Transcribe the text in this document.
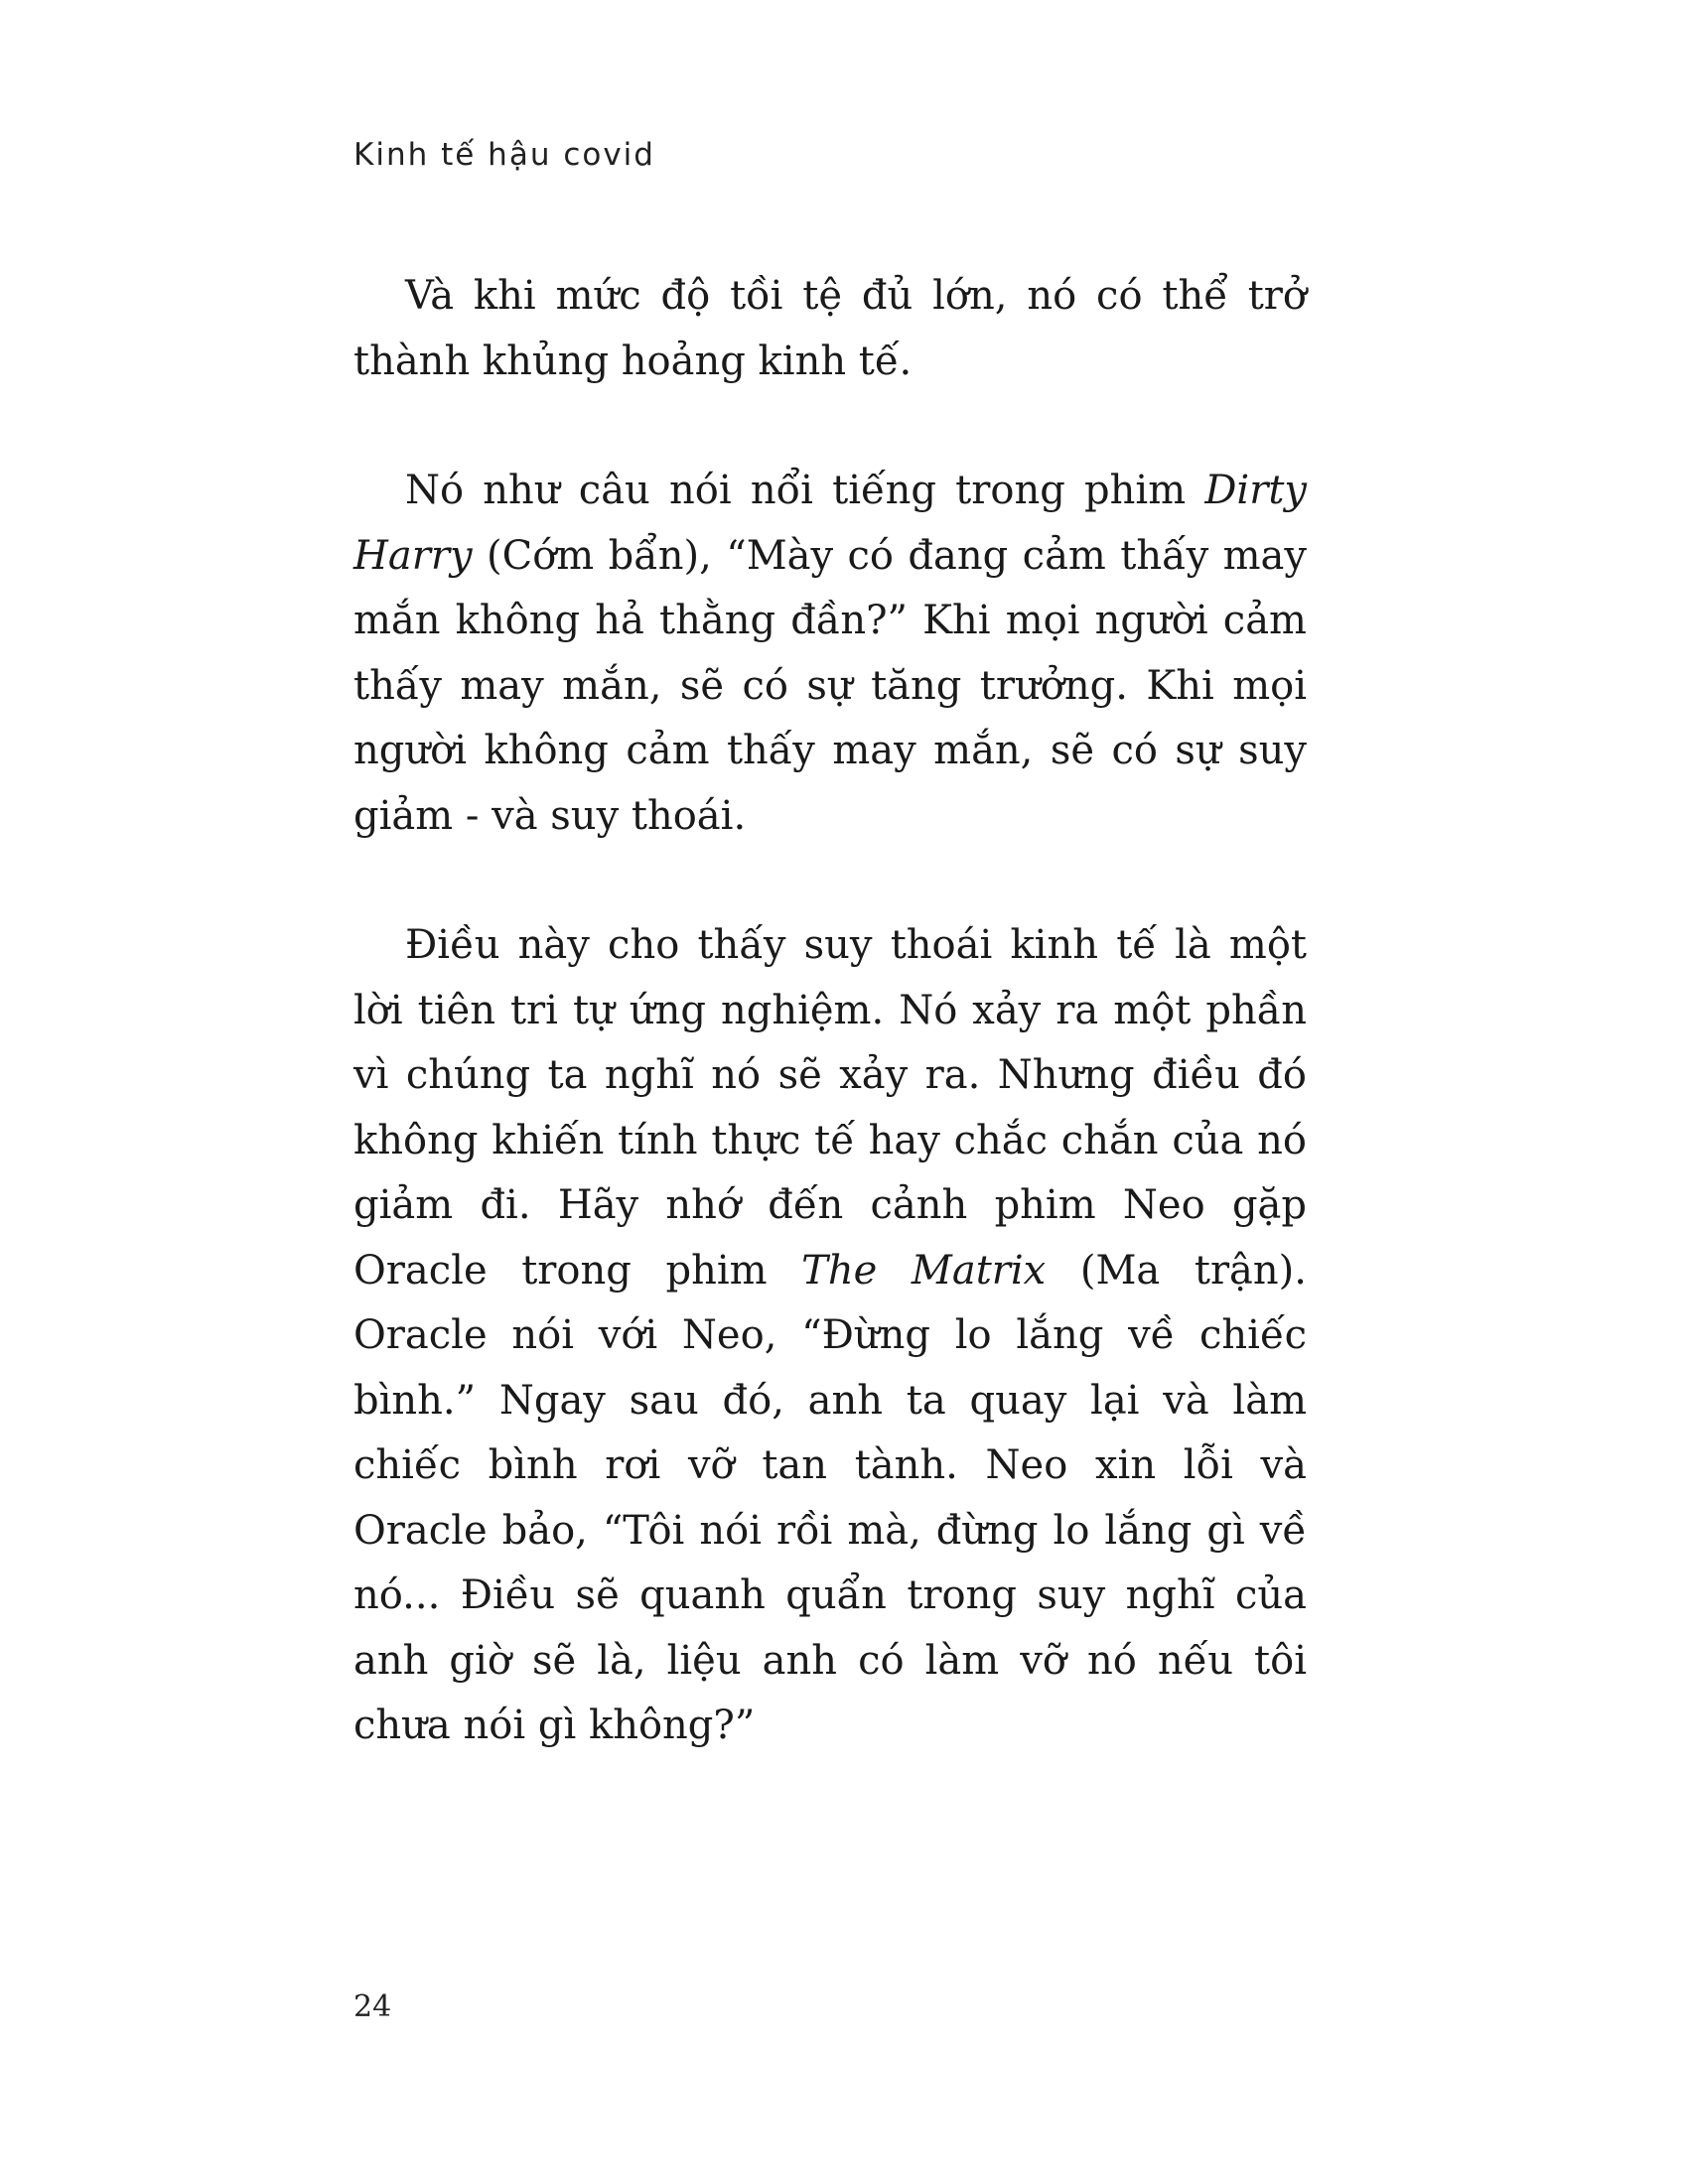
Kinh tế hậu covid

Và khi mức độ tồi tệ đủ lớn, nó có thể trở thành khủng hoảng kinh tế.

Nó như câu nói nổi tiếng trong phim Dirty Harry (Cớm bẩn), “Mày có đang cảm thấy may mắn không hả thằng đần?” Khi mọi người cảm thấy may mắn, sẽ có sự tăng trưởng. Khi mọi người không cảm thấy may mắn, sẽ có sự suy giảm - và suy thoái.

Điều này cho thấy suy thoái kinh tế là một lời tiên tri tự ứng nghiệm. Nó xảy ra một phần vì chúng ta nghĩ nó sẽ xảy ra. Nhưng điều đó không khiến tính thực tế hay chắc chắn của nó giảm đi. Hãy nhớ đến cảnh phim Neo gặp Oracle trong phim The Matrix (Ma trận). Oracle nói với Neo, “Đừng lo lắng về chiếc bình.” Ngay sau đó, anh ta quay lại và làm chiếc bình rơi vỡ tan tành. Neo xin lỗi và Oracle bảo, “Tôi nói rồi mà, đừng lo lắng gì về nó... Điều sẽ quanh quẩn trong suy nghĩ của anh giờ sẽ là, liệu anh có làm vỡ nó nếu tôi chưa nói gì không?”

24
